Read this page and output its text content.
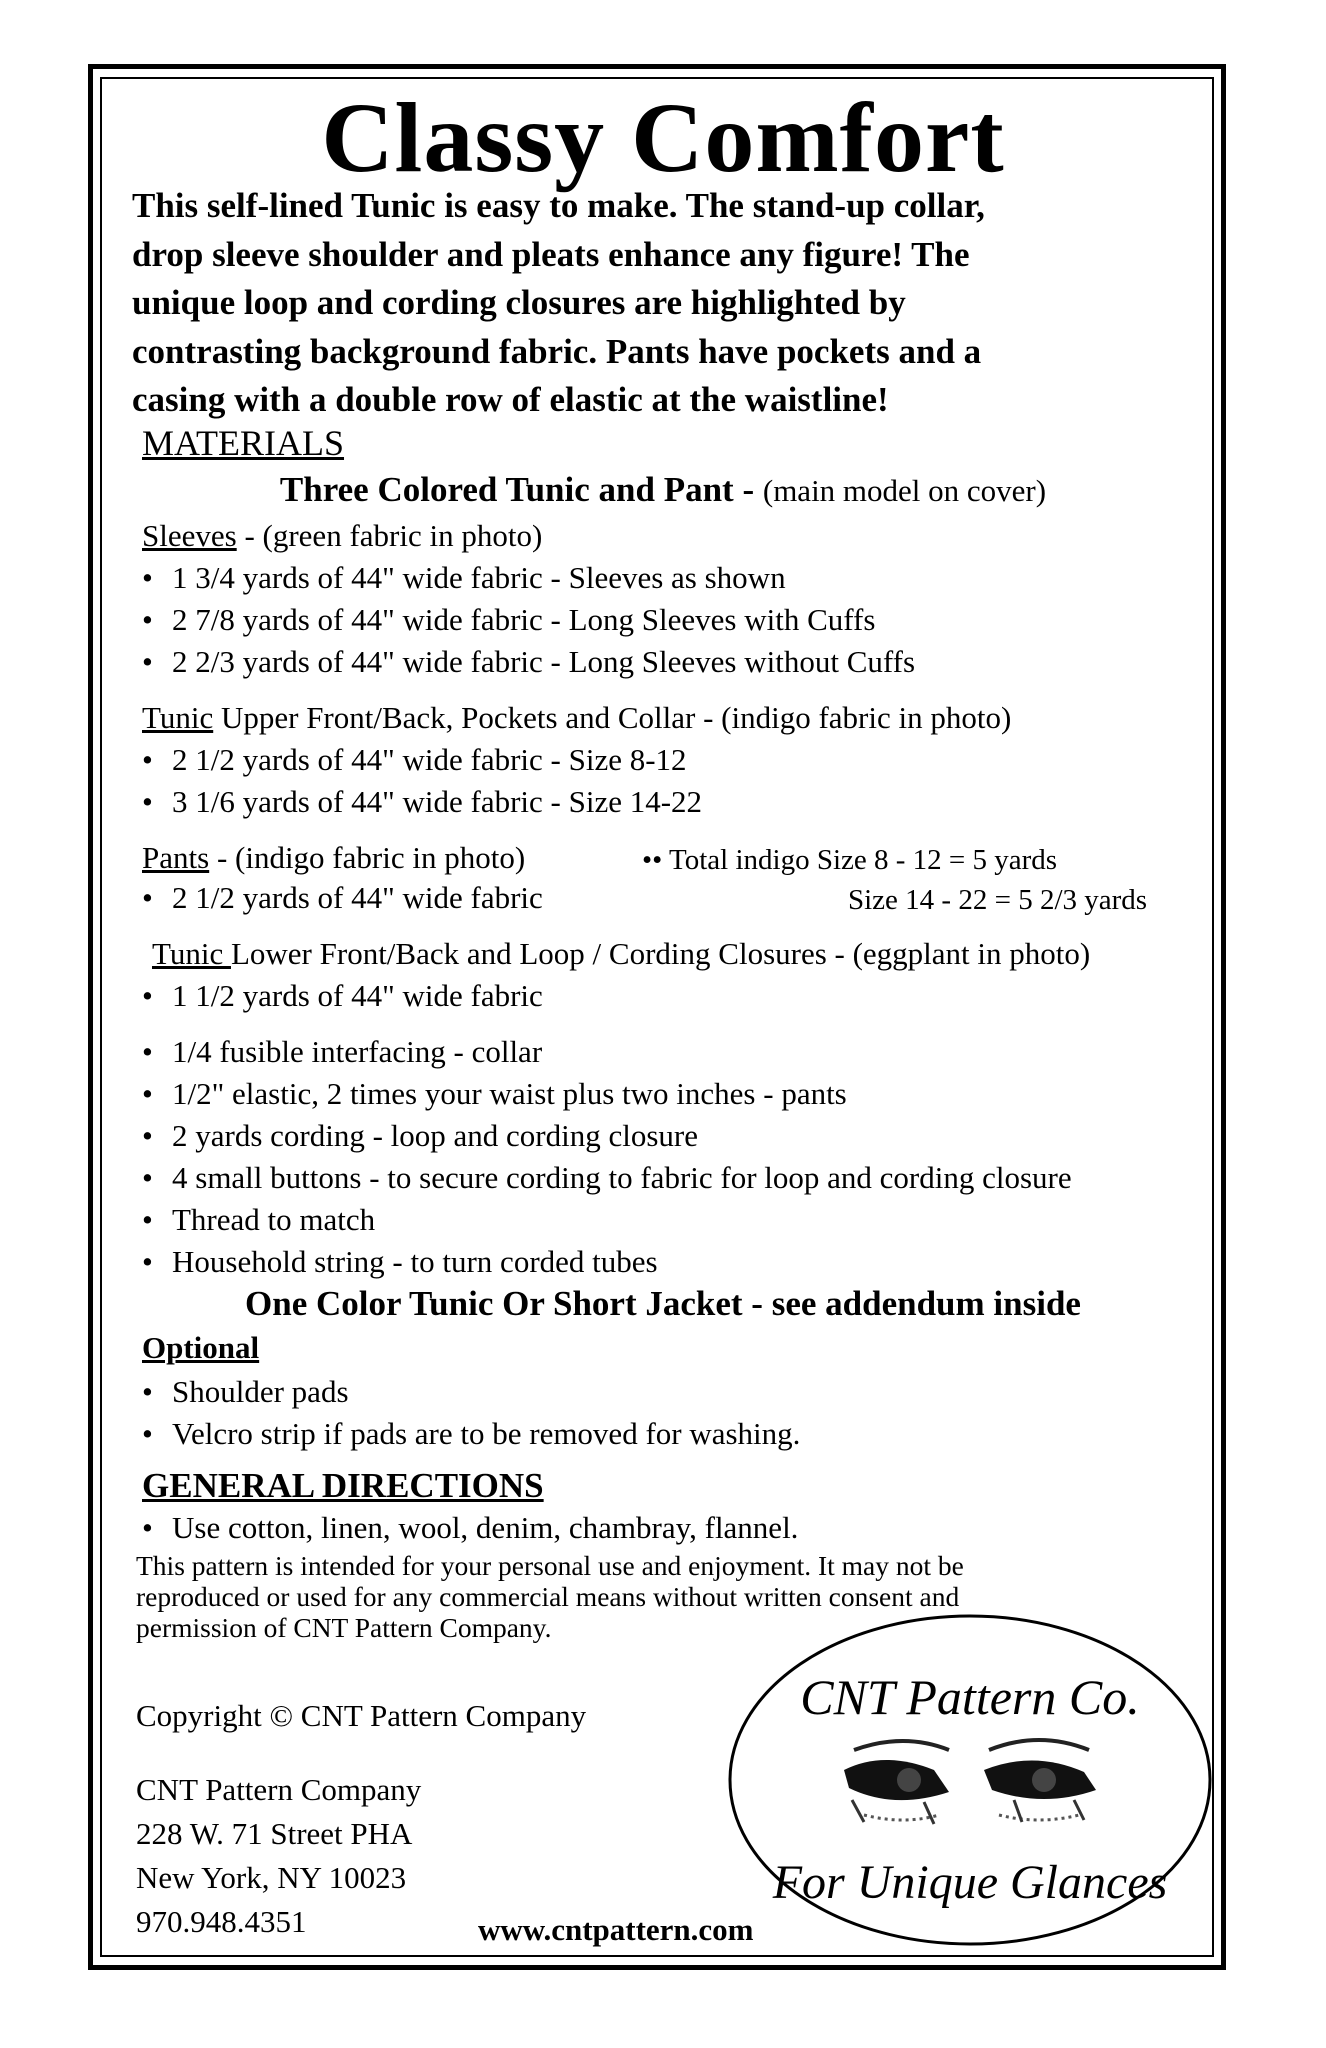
Classy Comfort
This self-lined Tunic is easy to make. The stand-up collar,
drop sleeve shoulder and pleats enhance any figure! The
unique loop and cording closures are highlighted by
contrasting background fabric. Pants have pockets and a
casing with a double row of elastic at the waistline!
MATERIALS
Three Colored Tunic and Pant - (main model on cover)
Sleeves - (green fabric in photo)
• 1 3/4 yards of 44" wide fabric - Sleeves as shown
• 2 7/8 yards of 44" wide fabric - Long Sleeves with Cuffs
• 2 2/3 yards of 44" wide fabric - Long Sleeves without Cuffs
Tunic Upper Front/Back, Pockets and Collar - (indigo fabric in photo)
• 2 1/2 yards of 44" wide fabric - Size 8-12
• 3 1/6 yards of 44" wide fabric - Size 14-22
Pants - (indigo fabric in photo)
• 2 1/2 yards of 44" wide fabric
•• Total indigo Size 8 - 12 = 5 yards
Size 14 - 22 = 5 2/3 yards
Tunic Lower Front/Back and Loop / Cording Closures - (eggplant in photo)
• 1 1/2 yards of 44" wide fabric
• 1/4 fusible interfacing - collar
• 1/2" elastic, 2 times your waist plus two inches - pants
• 2 yards cording - loop and cording closure
• 4 small buttons - to secure cording to fabric for loop and cording closure
• Thread to match
• Household string - to turn corded tubes
One Color Tunic Or Short Jacket - see addendum inside
Optional
• Shoulder pads
• Velcro strip if pads are to be removed for washing.
GENERAL DIRECTIONS
• Use cotton, linen, wool, denim, chambray, flannel.
This pattern is intended for your personal use and enjoyment. It may not be
reproduced or used for any commercial means without written consent and
permission of CNT Pattern Company.
Copyright © CNT Pattern Company
CNT Pattern Company
228 W. 71 Street PHA
New York, NY 10023
970.948.4351
CNT Pattern Co.
For Unique Glances
www.cntpattern.com
